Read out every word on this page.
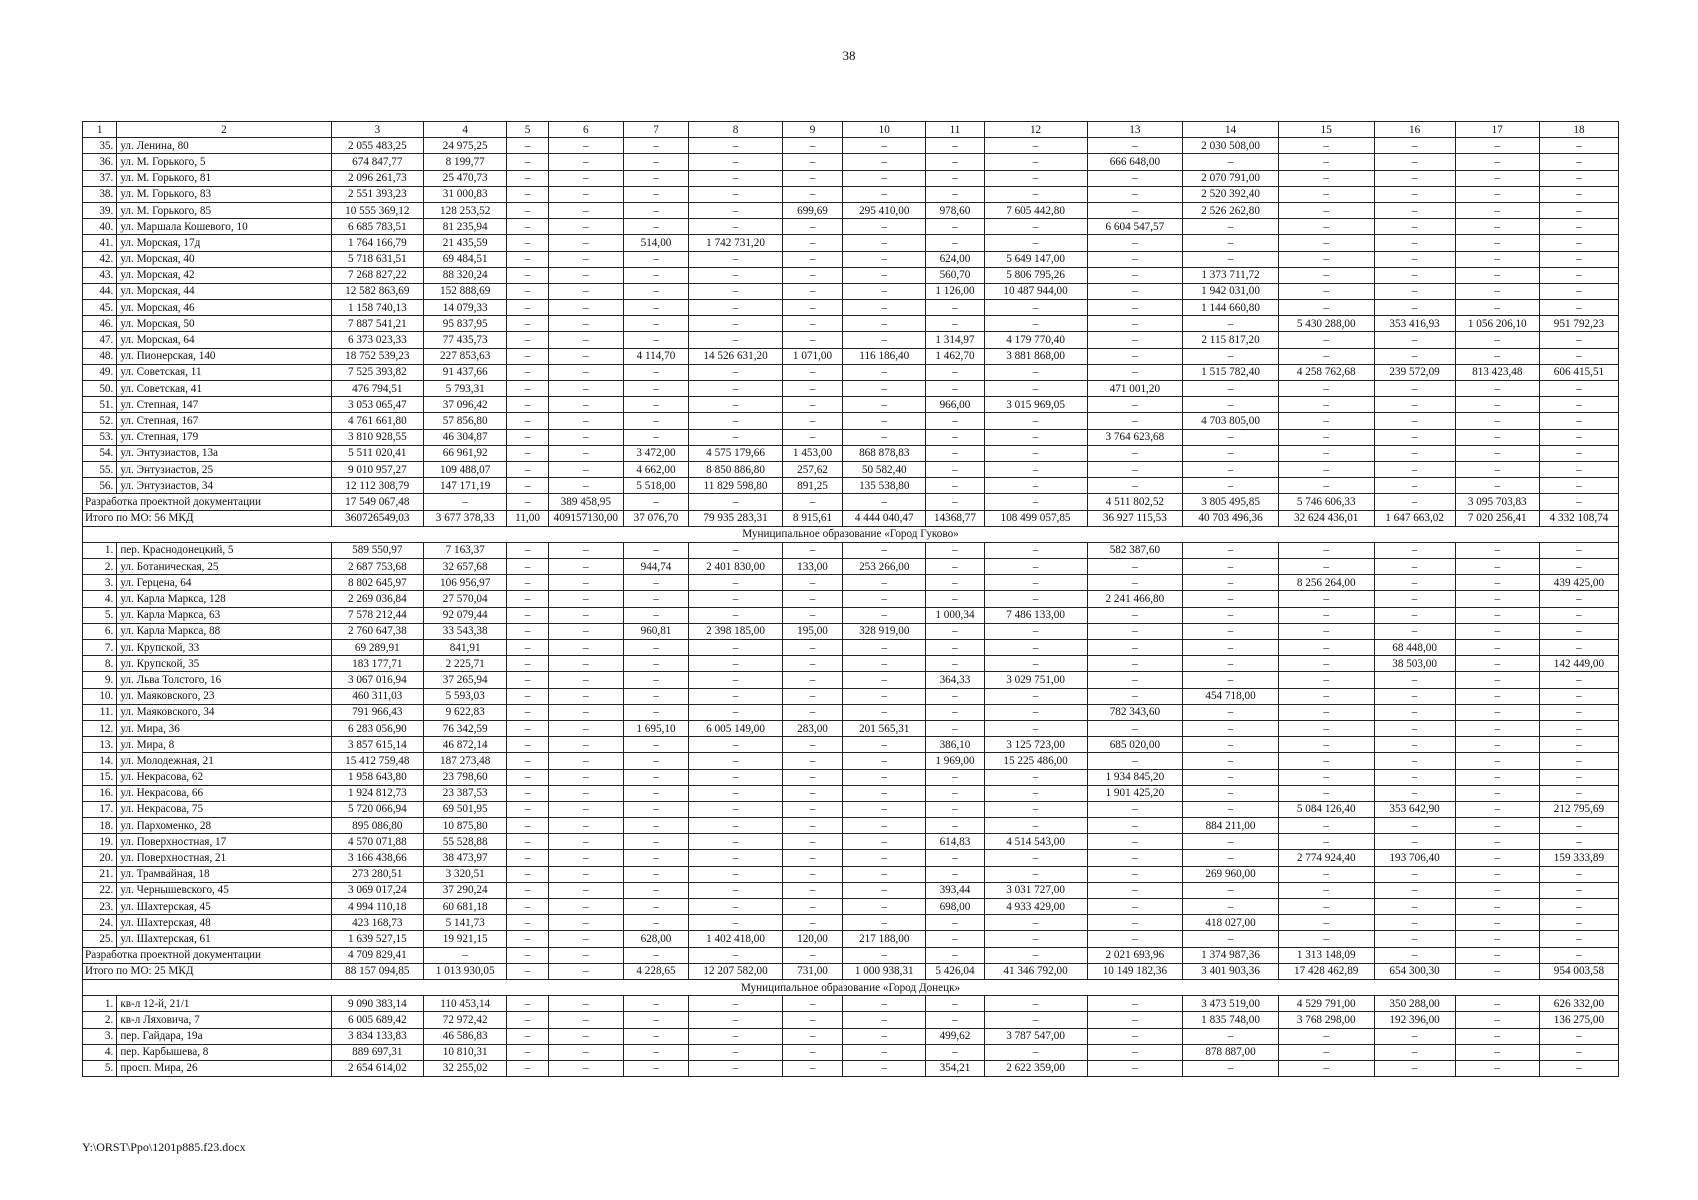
38
1	2	3	4	5	6	7	8	9	10	11	12	13	14	15	16	17	18
35.	ул. Ленина, 80	2 055 483,25	24 975,25	–	–	–	–	–	–	–	–	–	2 030 508,00	–	–	–	–
36.	ул. М. Горького, 5	674 847,77	8 199,77	–	–	–	–	–	–	–	–	666 648,00	–	–	–	–	–
37.	ул. М. Горького, 81	2 096 261,73	25 470,73	–	–	–	–	–	–	–	–	–	2 070 791,00	–	–	–	–
38.	ул. М. Горького, 83	2 551 393,23	31 000,83	–	–	–	–	–	–	–	–	–	2 520 392,40	–	–	–	–
39.	ул. М. Горького, 85	10 555 369,12	128 253,52	–	–	–	–	699,69	295 410,00	978,60	7 605 442,80	–	2 526 262,80	–	–	–	–
40.	ул. Маршала Кошевого, 10	6 685 783,51	81 235,94	–	–	–	–	–	–	–	–	6 604 547,57	–	–	–	–	–
41.	ул. Морская, 17д	1 764 166,79	21 435,59	–	–	514,00	1 742 731,20	–	–	–	–	–	–	–	–	–	–
42.	ул. Морская, 40	5 718 631,51	69 484,51	–	–	–	–	–	–	624,00	5 649 147,00	–	–	–	–	–	–
43.	ул. Морская, 42	7 268 827,22	88 320,24	–	–	–	–	–	–	560,70	5 806 795,26	–	1 373 711,72	–	–	–	–
44.	ул. Морская, 44	12 582 863,69	152 888,69	–	–	–	–	–	–	1 126,00	10 487 944,00	–	1 942 031,00	–	–	–	–
45.	ул. Морская, 46	1 158 740,13	14 079,33	–	–	–	–	–	–	–	–	–	1 144 660,80	–	–	–	–
46.	ул. Морская, 50	7 887 541,21	95 837,95	–	–	–	–	–	–	–	–	–	–	5 430 288,00	353 416,93	1 056 206,10	951 792,23
47.	ул. Морская, 64	6 373 023,33	77 435,73	–	–	–	–	–	–	1 314,97	4 179 770,40	–	2 115 817,20	–	–	–	–
48.	ул. Пионерская, 140	18 752 539,23	227 853,63	–	–	4 114,70	14 526 631,20	1 071,00	116 186,40	1 462,70	3 881 868,00	–	–	–	–	–	–
49.	ул. Советская, 11	7 525 393,82	91 437,66	–	–	–	–	–	–	–	–	–	1 515 782,40	4 258 762,68	239 572,09	813 423,48	606 415,51
50.	ул. Советская, 41	476 794,51	5 793,31	–	–	–	–	–	–	–	–	471 001,20	–	–	–	–	–
51.	ул. Степная, 147	3 053 065,47	37 096,42	–	–	–	–	–	–	966,00	3 015 969,05	–	–	–	–	–	–
52.	ул. Степная, 167	4 761 661,80	57 856,80	–	–	–	–	–	–	–	–	–	4 703 805,00	–	–	–	–
53.	ул. Степная, 179	3 810 928,55	46 304,87	–	–	–	–	–	–	–	–	3 764 623,68	–	–	–	–	–
54.	ул. Энтузиастов, 13а	5 511 020,41	66 961,92	–	–	3 472,00	4 575 179,66	1 453,00	868 878,83	–	–	–	–	–	–	–	–
55.	ул. Энтузиастов, 25	9 010 957,27	109 488,07	–	–	4 662,00	8 850 886,80	257,62	50 582,40	–	–	–	–	–	–	–	–
56.	ул. Энтузиастов, 34	12 112 308,79	147 171,19	–	–	5 518,00	11 829 598,80	891,25	135 538,80	–	–	–	–	–	–	–	–
Разработка проектной документации		17 549 067,48	–	–	389 458,95	–	–	–	–	–	–	4 511 802,52	3 805 495,85	5 746 606,33	–	3 095 703,83	–
Итого по МО: 56 МКД		360726549,03	3 677 378,33	11,00	409157130,00	37 076,70	79 935 283,31	8 915,61	4 444 040,47	14368,77	108 499 057,85	36 927 115,53	40 703 496,36	32 624 436,01	1 647 663,02	7 020 256,41	4 332 108,74
Муниципальное образование «Город Гуково»																	
1.	пер. Краснодонецкий, 5	589 550,97	7 163,37	–	–	–	–	–	–	–	–	582 387,60	–	–	–	–	–
2.	ул. Ботаническая, 25	2 687 753,68	32 657,68	–	–	944,74	2 401 830,00	133,00	253 266,00	–	–	–	–	–	–	–	–
3.	ул. Герцена, 64	8 802 645,97	106 956,97	–	–	–	–	–	–	–	–	–	–	8 256 264,00	–	–	439 425,00
4.	ул. Карла Маркса, 128	2 269 036,84	27 570,04	–	–	–	–	–	–	–	–	2 241 466,80	–	–	–	–	–
5.	ул. Карла Маркса, 63	7 578 212,44	92 079,44	–	–	–	–	–	–	1 000,34	7 486 133,00	–	–	–	–	–	–
6.	ул. Карла Маркса, 88	2 760 647,38	33 543,38	–	–	960,81	2 398 185,00	195,00	328 919,00	–	–	–	–	–	–	–	–
7.	ул. Крупской, 33	69 289,91	841,91	–	–	–	–	–	–	–	–	–	–	–	68 448,00	–	–
8.	ул. Крупской, 35	183 177,71	2 225,71	–	–	–	–	–	–	–	–	–	–	–	38 503,00	–	142 449,00
9.	ул. Льва Толстого, 16	3 067 016,94	37 265,94	–	–	–	–	–	–	364,33	3 029 751,00	–	–	–	–	–	–
10.	ул. Маяковского, 23	460 311,03	5 593,03	–	–	–	–	–	–	–	–	–	454 718,00	–	–	–	–
11.	ул. Маяковского, 34	791 966,43	9 622,83	–	–	–	–	–	–	–	–	782 343,60	–	–	–	–	–
12.	ул. Мира, 36	6 283 056,90	76 342,59	–	–	1 695,10	6 005 149,00	283,00	201 565,31	–	–	–	–	–	–	–	–
13.	ул. Мира, 8	3 857 615,14	46 872,14	–	–	–	–	–	–	386,10	3 125 723,00	685 020,00	–	–	–	–	–
14.	ул. Молодежная, 21	15 412 759,48	187 273,48	–	–	–	–	–	–	1 969,00	15 225 486,00	–	–	–	–	–	–
15.	ул. Некрасова, 62	1 958 643,80	23 798,60	–	–	–	–	–	–	–	–	1 934 845,20	–	–	–	–	–
16.	ул. Некрасова, 66	1 924 812,73	23 387,53	–	–	–	–	–	–	–	–	1 901 425,20	–	–	–	–	–
17.	ул. Некрасова, 75	5 720 066,94	69 501,95	–	–	–	–	–	–	–	–	–	–	5 084 126,40	353 642,90	–	212 795,69
18.	ул. Пархоменко, 28	895 086,80	10 875,80	–	–	–	–	–	–	–	–	–	884 211,00	–	–	–	–
19.	ул. Поверхностная, 17	4 570 071,88	55 528,88	–	–	–	–	–	–	614,83	4 514 543,00	–	–	–	–	–	–
20.	ул. Поверхностная, 21	3 166 438,66	38 473,97	–	–	–	–	–	–	–	–	–	–	2 774 924,40	193 706,40	–	159 333,89
21.	ул. Трамвайная, 18	273 280,51	3 320,51	–	–	–	–	–	–	–	–	–	269 960,00	–	–	–	–
22.	ул. Чернышевского, 45	3 069 017,24	37 290,24	–	–	–	–	–	–	393,44	3 031 727,00	–	–	–	–	–	–
23.	ул. Шахтерская, 45	4 994 110,18	60 681,18	–	–	–	–	–	–	698,00	4 933 429,00	–	–	–	–	–	–
24.	ул. Шахтерская, 48	423 168,73	5 141,73	–	–	–	–	–	–	–	–	–	418 027,00	–	–	–	–
25.	ул. Шахтерская, 61	1 639 527,15	19 921,15	–	–	628,00	1 402 418,00	120,00	217 188,00	–	–	–	–	–	–	–	–
Разработка проектной документации		4 709 829,41	–	–	–	–	–	–	–	–	–	2 021 693,96	1 374 987,36	1 313 148,09	–	–	–
Итого по МО: 25 МКД		88 157 094,85	1 013 930,05	–	–	4 228,65	12 207 582,00	731,00	1 000 938,31	5 426,04	41 346 792,00	10 149 182,36	3 401 903,36	17 428 462,89	654 300,30	–	954 003,58
Муниципальное образование «Город Донецк»																	
1.	кв-л 12-й, 21/1	9 090 383,14	110 453,14	–	–	–	–	–	–	–	–	–	3 473 519,00	4 529 791,00	350 288,00	–	626 332,00
2.	кв-л Ляховича, 7	6 005 689,42	72 972,42	–	–	–	–	–	–	–	–	–	1 835 748,00	3 768 298,00	192 396,00	–	136 275,00
3.	пер. Гайдара, 19а	3 834 133,83	46 586,83	–	–	–	–	–	–	499,62	3 787 547,00	–	–	–	–	–	–
4.	пер. Карбышева, 8	889 697,31	10 810,31	–	–	–	–	–	–	–	–	–	878 887,00	–	–	–	–
5.	просп. Мира, 26	2 654 614,02	32 255,02	–	–	–	–	–	–	354,21	2 622 359,00	–	–	–	–	–	–
Y:\ORST\Ppo\1201p885.f23.docx
